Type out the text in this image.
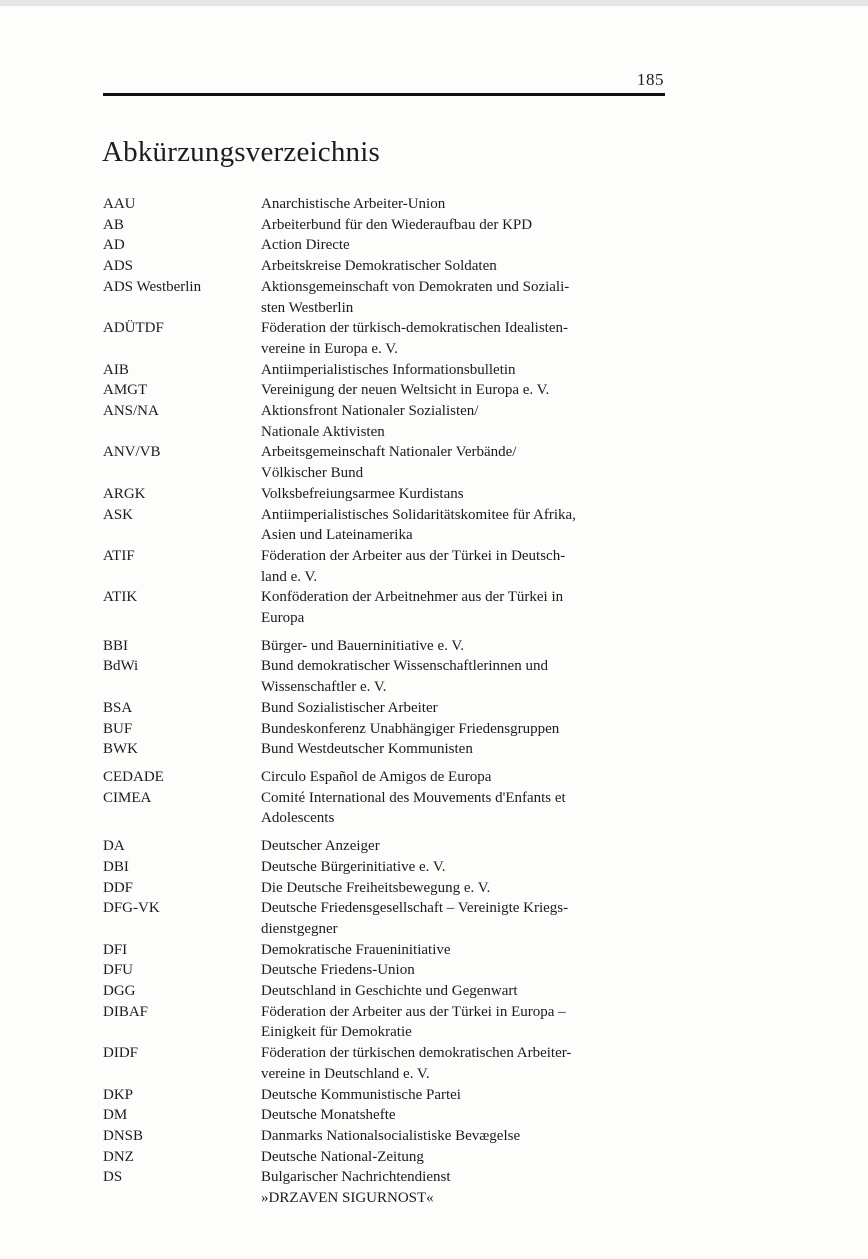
185
Abkürzungsverzeichnis
AAU	Anarchistische Arbeiter-Union
AB	Arbeiterbund für den Wiederaufbau der KPD
AD	Action Directe
ADS	Arbeitskreise Demokratischer Soldaten
ADS Westberlin	Aktionsgemeinschaft von Demokraten und Soziali-
sten Westberlin
ADÜTDF	Föderation der türkisch-demokratischen Idealisten-
vereine in Europa e. V.
AIB	Antiimperialistisches Informationsbulletin
AMGT	Vereinigung der neuen Weltsicht in Europa e. V.
ANS/NA	Aktionsfront Nationaler Sozialisten/
Nationale Aktivisten
ANV/VB	Arbeitsgemeinschaft Nationaler Verbände/
Völkischer Bund
ARGK	Volksbefreiungsarmee Kurdistans
ASK	Antiimperialistisches Solidaritätskomitee für Afrika,
Asien und Lateinamerika
ATIF	Föderation der Arbeiter aus der Türkei in Deutsch-
land e. V.
ATIK	Konföderation der Arbeitnehmer aus der Türkei in
Europa
BBI	Bürger- und Bauerninitiative e. V.
BdWi	Bund demokratischer Wissenschaftlerinnen und
Wissenschaftler e. V.
BSA	Bund Sozialistischer Arbeiter
BUF	Bundeskonferenz Unabhängiger Friedensgruppen
BWK	Bund Westdeutscher Kommunisten
CEDADE	Circulo Español de Amigos de Europa
CIMEA	Comité International des Mouvements d'Enfants et
Adolescents
DA	Deutscher Anzeiger
DBI	Deutsche Bürgerinitiative e. V.
DDF	Die Deutsche Freiheitsbewegung e. V.
DFG-VK	Deutsche Friedensgesellschaft – Vereinigte Kriegs-
dienstgegner
DFI	Demokratische Fraueninitiative
DFU	Deutsche Friedens-Union
DGG	Deutschland in Geschichte und Gegenwart
DIBAF	Föderation der Arbeiter aus der Türkei in Europa –
Einigkeit für Demokratie
DIDF	Föderation der türkischen demokratischen Arbeiter-
vereine in Deutschland e. V.
DKP	Deutsche Kommunistische Partei
DM	Deutsche Monatshefte
DNSB	Danmarks Nationalsocialistiske Bevægelse
DNZ	Deutsche National-Zeitung
DS	Bulgarischer Nachrichtendienst
»DRZAVEN SIGURNOST«
